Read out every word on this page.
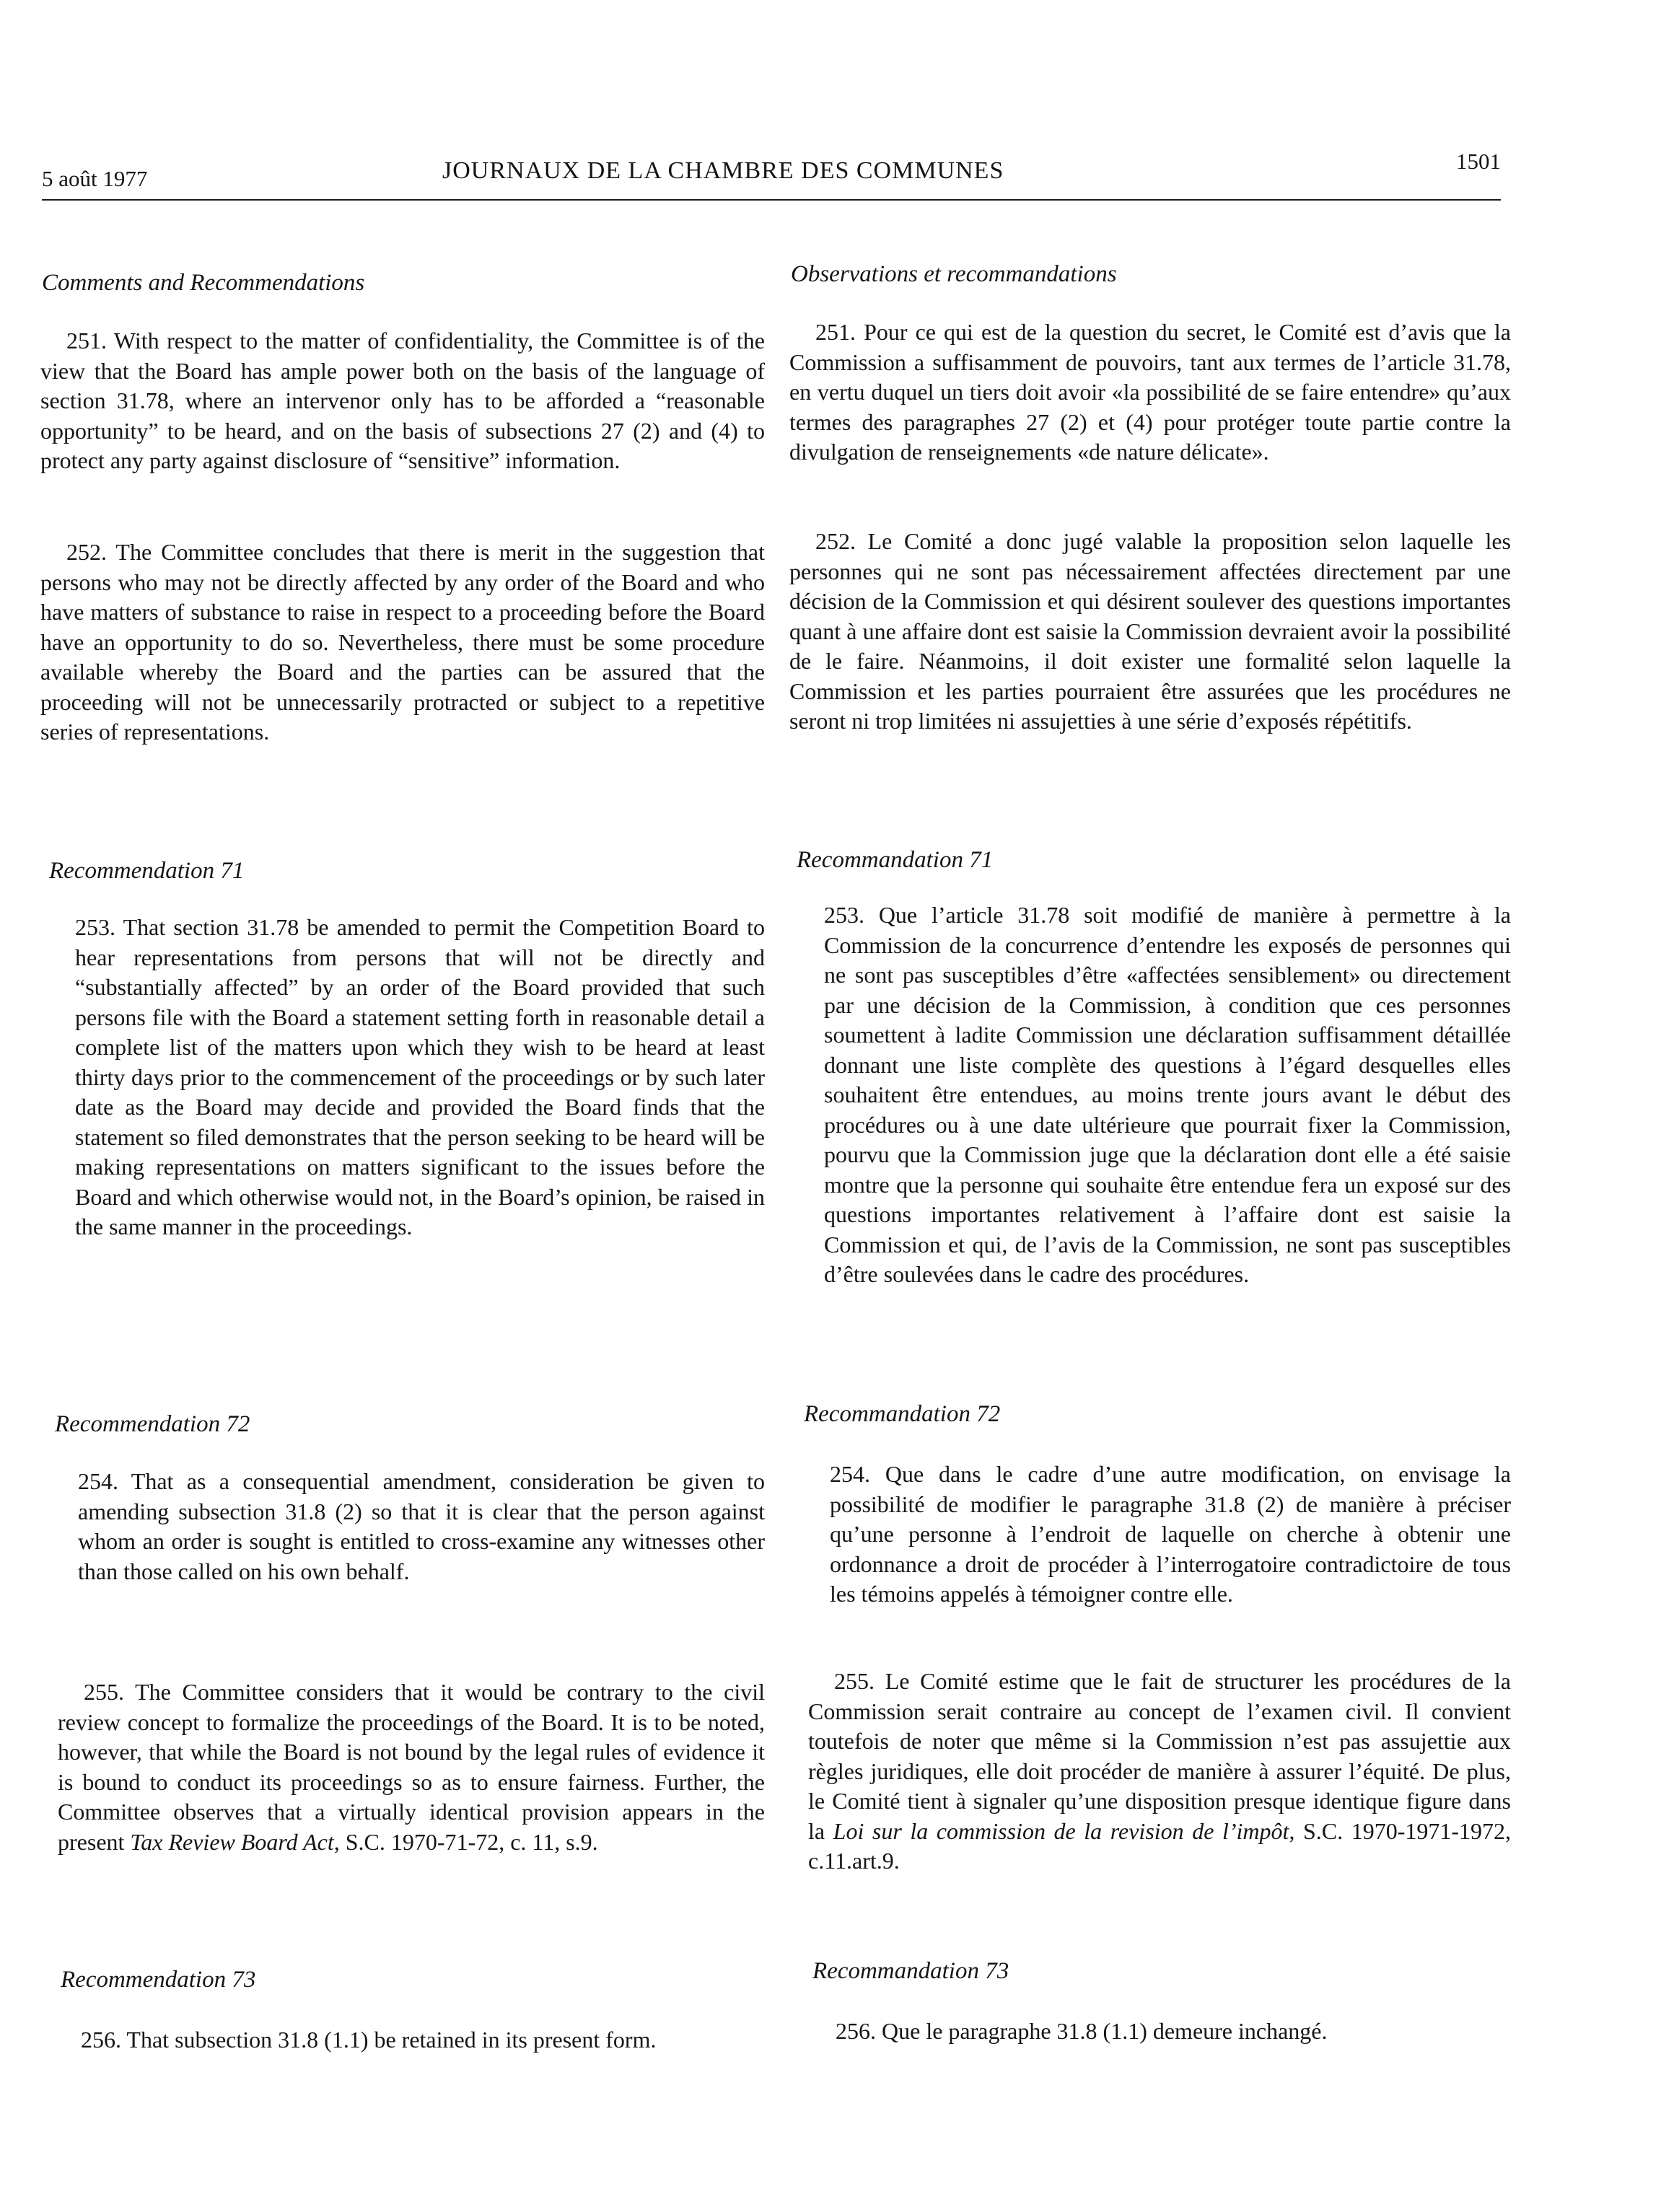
5 août 1977	JOURNAUX DE LA CHAMBRE DES COMMUNES	1501

Comments and Recommendations

251. With respect to the matter of confidentiality, the Committee is of the view that the Board has ample power both on the basis of the language of section 31.78, where an intervenor only has to be afforded a “reasonable opportunity” to be heard, and on the basis of subsections 27 (2) and (4) to protect any party against disclosure of “sensitive” information.

252. The Committee concludes that there is merit in the suggestion that persons who may not be directly affected by any order of the Board and who have matters of substance to raise in respect to a proceeding before the Board have an opportunity to do so. Nevertheless, there must be some procedure available whereby the Board and the parties can be assured that the proceeding will not be unnecessarily protracted or subject to a repetitive series of representations.

Recommendation 71

253. That section 31.78 be amended to permit the Competition Board to hear representations from persons that will not be directly and “substantially affected” by an order of the Board provided that such persons file with the Board a statement setting forth in reasonable detail a complete list of the matters upon which they wish to be heard at least thirty days prior to the commencement of the proceedings or by such later date as the Board may decide and provided the Board finds that the statement so filed demonstrates that the person seeking to be heard will be making representations on matters significant to the issues before the Board and which otherwise would not, in the Board’s opinion, be raised in the same manner in the proceedings.

Recommendation 72

254. That as a consequential amendment, consideration be given to amending subsection 31.8 (2) so that it is clear that the person against whom an order is sought is entitled to cross-examine any witnesses other than those called on his own behalf.

255. The Committee considers that it would be contrary to the civil review concept to formalize the proceedings of the Board. It is to be noted, however, that while the Board is not bound by the legal rules of evidence it is bound to conduct its proceedings so as to ensure fairness. Further, the Committee observes that a virtually identical provision appears in the present Tax Review Board Act, S.C. 1970-71-72, c. 11, s.9.

Recommendation 73

256. That subsection 31.8 (1.1) be retained in its present form.

Observations et recommandations

251. Pour ce qui est de la question du secret, le Comité est d’avis que la Commission a suffisamment de pouvoirs, tant aux termes de l’article 31.78, en vertu duquel un tiers doit avoir «la possibilité de se faire entendre» qu’aux termes des paragraphes 27 (2) et (4) pour protéger toute partie contre la divulgation de renseignements «de nature délicate».

252. Le Comité a donc jugé valable la proposition selon laquelle les personnes qui ne sont pas nécessairement affectées directement par une décision de la Commission et qui désirent soulever des questions importantes quant à une affaire dont est saisie la Commission devraient avoir la possibilité de le faire. Néanmoins, il doit exister une formalité selon laquelle la Commission et les parties pourraient être assurées que les procédures ne seront ni trop limitées ni assujetties à une série d’exposés répétitifs.

Recommandation 71

253. Que l’article 31.78 soit modifié de manière à permettre à la Commission de la concurrence d’entendre les exposés de personnes qui ne sont pas susceptibles d’être «affectées sensiblement» ou directement par une décision de la Commission, à condition que ces personnes soumettent à ladite Commission une déclaration suffisamment détaillée donnant une liste complète des questions à l’égard desquelles elles souhaitent être entendues, au moins trente jours avant le début des procédures ou à une date ultérieure que pourrait fixer la Commission, pourvu que la Commission juge que la déclaration dont elle a été saisie montre que la personne qui souhaite être entendue fera un exposé sur des questions importantes relativement à l’affaire dont est saisie la Commission et qui, de l’avis de la Commission, ne sont pas susceptibles d’être soulevées dans le cadre des procédures.

Recommandation 72

254. Que dans le cadre d’une autre modification, on envisage la possibilité de modifier le paragraphe 31.8 (2) de manière à préciser qu’une personne à l’endroit de laquelle on cherche à obtenir une ordonnance a droit de procéder à l’interrogatoire contradictoire de tous les témoins appelés à témoigner contre elle.

255. Le Comité estime que le fait de structurer les procédures de la Commission serait contraire au concept de l’examen civil. Il convient toutefois de noter que même si la Commission n’est pas assujettie aux règles juridiques, elle doit procéder de manière à assurer l’équité. De plus, le Comité tient à signaler qu’une disposition presque identique figure dans la Loi sur la commission de la revision de l’impôt, S.C. 1970-1971-1972, c.11.art.9.

Recommandation 73

256. Que le paragraphe 31.8 (1.1) demeure inchangé.
